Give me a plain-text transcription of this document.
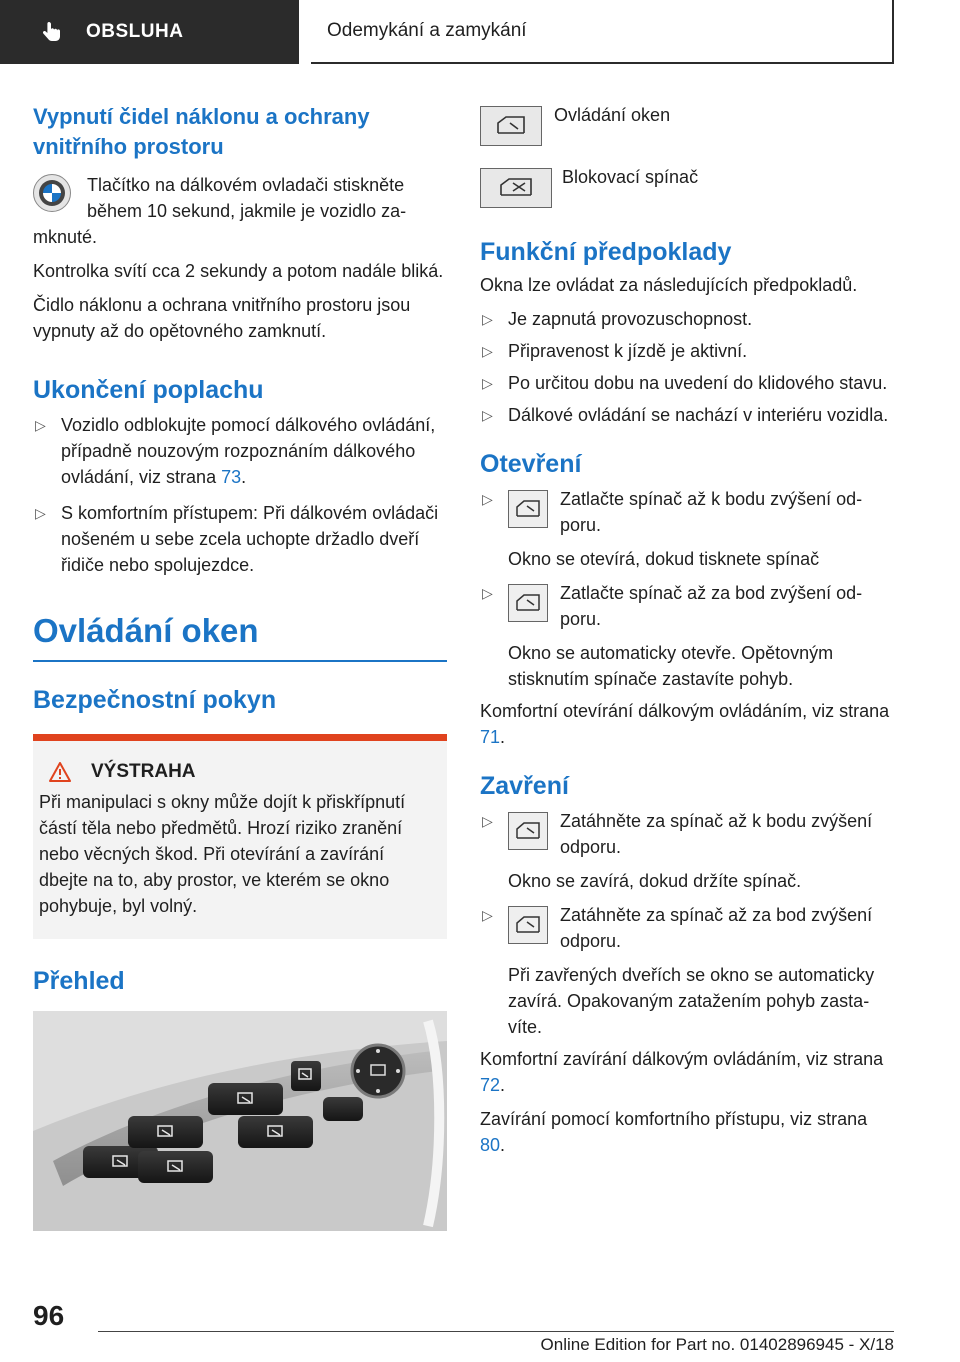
OBSLUHA	Odemykání a zamykání
Vypnutí čidel náklonu a ochrany vnitřního prostoru

Tlačítko na dálkovém ovladači stiskněte během 10 sekund, jakmile je vozidlo zamknuté.

Kontrolka svítí cca 2 sekundy a potom nadále bliká.

Čidlo náklonu a ochrana vnitřního prostoru jsou vypnuty až do opětovného zamknutí.

Ukončení poplachu
▷ Vozidlo odblokujte pomocí dálkového ovládání, případně nouzovým rozpoznáním dálkového ovládání, viz strana 73.
▷ S komfortním přístupem: Při dálkovém ovládači nošeném u sebe zcela uchopte držadlo dveří řidiče nebo spolujezdce.
Ovládání oken
Bezpečnostní pokyn
VÝSTRAHA

Při manipulaci s okny může dojít k přiskřípnutí částí těla nebo předmětů. Hrozí riziko zranění nebo věcných škod. Při otevírání a zavírání dbejte na to, aby prostor, ve kterém se okno pohybuje, byl volný.

Přehled

Ovládání oken

Blokovací spínač

Funkční předpoklady

Okna lze ovládat za následujících předpokladů.

▷ Je zapnutá provozuschopnost.
▷ Připravenost k jízdě je aktivní.
▷ Po určitou dobu na uvedení do klidového stavu.
▷ Dálkové ovládání se nachází v interiéru vozidla.
Otevření
▷	Zatlačte spínač až k bodu zvýšení odporu.

Okno se otevírá, dokud tisknete spínač

▷	Zatlačte spínač až za bod zvýšení odporu.

Okno se automaticky otevře. Opětovným stisknutím spínače zastavíte pohyb.

Komfortní otevírání dálkovým ovládáním, viz strana 71.

Zavření
▷	Zatáhněte za spínač až k bodu zvýšení odporu.

Okno se zavírá, dokud držíte spínač.

▷	Zatáhněte za spínač až za bod zvýšení odporu.

Při zavřených dveřích se okno se automaticky zavírá. Opakovaným zatažením pohyb zastavíte.

Komfortní zavírání dálkovým ovládáním, viz strana 72.

Zavírání pomocí komfortního přístupu, viz strana 80.

96
Online Edition for Part no. 01402896945 - X/18
